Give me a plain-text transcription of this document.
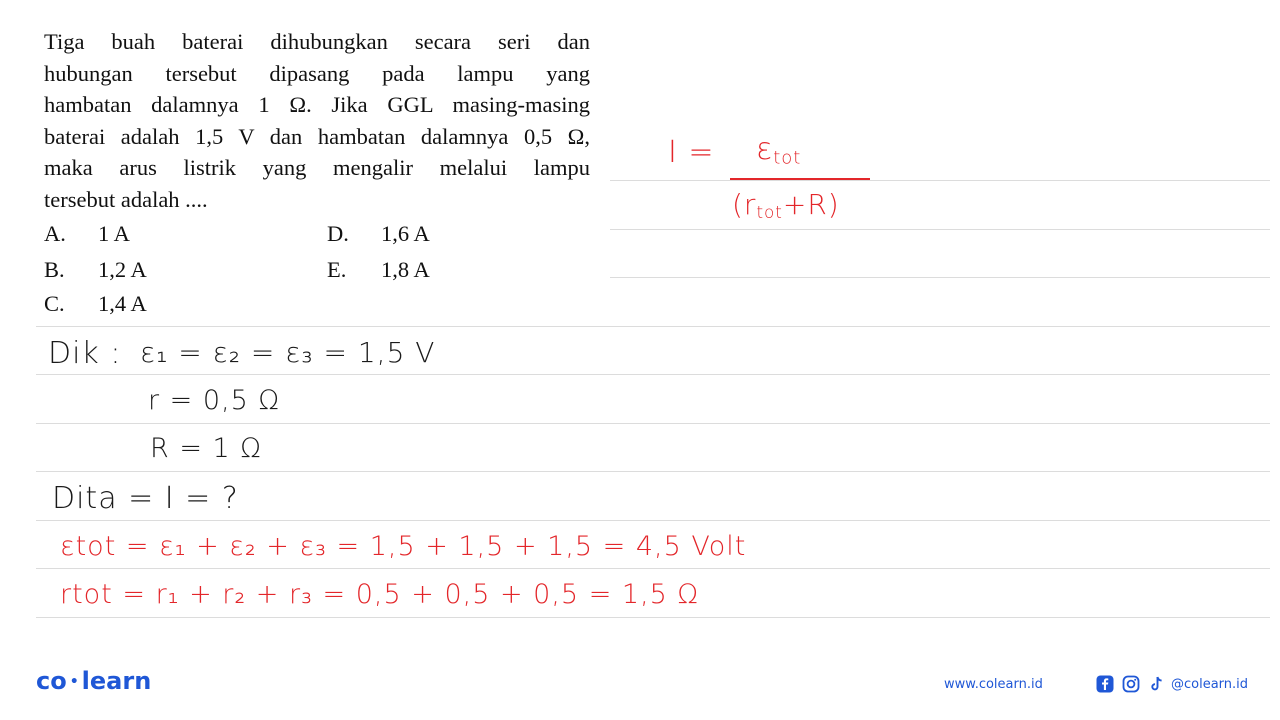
Tiga buah baterai dihubungkan secara seri dan
hubungan tersebut dipasang pada lampu yang
hambatan dalamnya 1 Ω. Jika GGL masing-masing
baterai adalah 1,5 V dan hambatan dalamnya 0,5 Ω,
maka arus listrik yang mengalir melalui lampu
tersebut adalah ....
A. 1 A
B. 1,2 A
C. 1,4 A
D. 1,6 A
E. 1,8 A
$I = \varepsilon_{tot}$
$(r_{tot}+R)$
Dik : ε₁ = ε₂ = ε₃ = 1,5 V
r = 0,5 Ω
R = 1 Ω
Dita = I = ?
εtot = ε₁ + ε₂ + ε₃ = 1,5 + 1,5 + 1,5 = 4,5 Volt
rtot = r₁ + r₂ + r₃ = 0,5 + 0,5 + 0,5 = 1,5 Ω
co • learn	www.colearn.id	@colearn.id
